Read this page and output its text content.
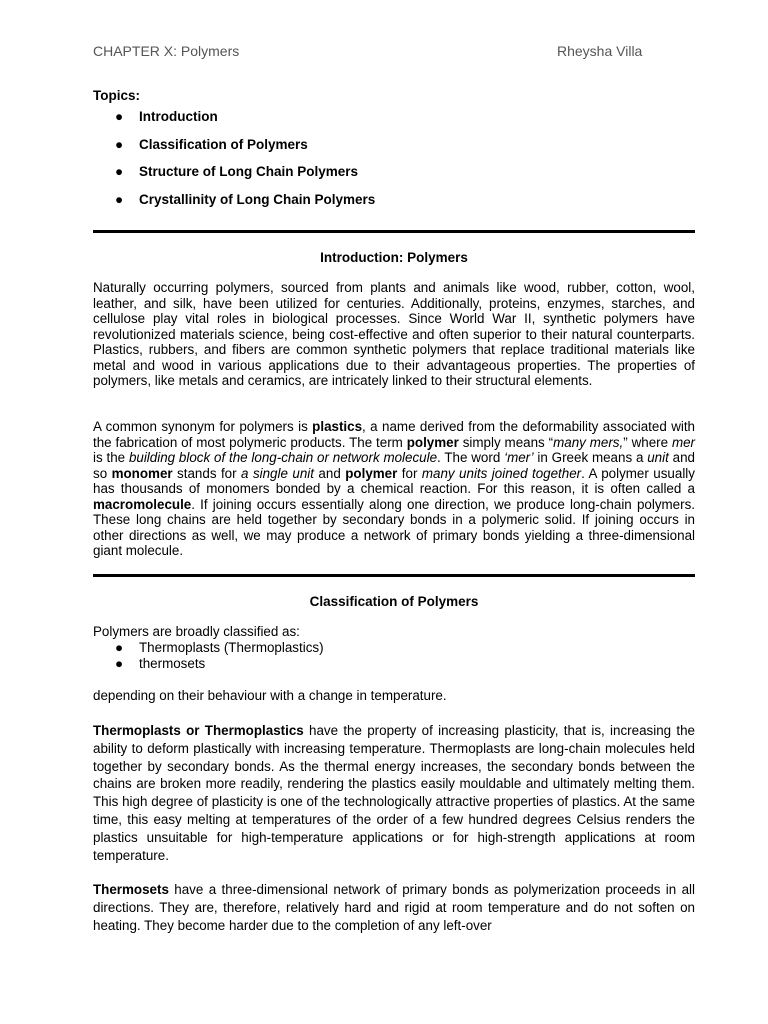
CHAPTER X: Polymers	Rheysha Villa
Topics:
● Introduction
● Classification of Polymers
● Structure of Long Chain Polymers
● Crystallinity of Long Chain Polymers
Introduction: Polymers

Naturally occurring polymers, sourced from plants and animals like wood, rubber, cotton, wool, leather, and silk, have been utilized for centuries. Additionally, proteins, enzymes, starches, and cellulose play vital roles in biological processes. Since World War II, synthetic polymers have revolutionized materials science, being cost-effective and often superior to their natural counterparts. Plastics, rubbers, and fibers are common synthetic polymers that replace traditional materials like metal and wood in various applications due to their advantageous properties. The properties of polymers, like metals and ceramics, are intricately linked to their structural elements.

A common synonym for polymers is plastics, a name derived from the deformability associated with the fabrication of most polymeric products. The term polymer simply means “many mers,” where mer is the building block of the long-chain or network molecule. The word ‘mer’ in Greek means a unit and so monomer stands for a single unit and polymer for many units joined together. A polymer usually has thousands of monomers bonded by a chemical reaction. For this reason, it is often called a macromolecule. If joining occurs essentially along one direction, we produce long-chain polymers. These long chains are held together by secondary bonds in a polymeric solid. If joining occurs in other directions as well, we may produce a network of primary bonds yielding a three-dimensional giant molecule.

Classification of Polymers
Polymers are broadly classified as:
● Thermoplasts (Thermoplastics)
● thermosets
depending on their behaviour with a change in temperature.

Thermoplasts or Thermoplastics have the property of increasing plasticity, that is, increasing the ability to deform plastically with increasing temperature. Thermoplasts are long-chain molecules held together by secondary bonds. As the thermal energy increases, the secondary bonds between the chains are broken more readily, rendering the plastics easily mouldable and ultimately melting them. This high degree of plasticity is one of the technologically attractive properties of plastics. At the same time, this easy melting at temperatures of the order of a few hundred degrees Celsius renders the plastics unsuitable for high-temperature applications or for high-strength applications at room temperature.

Thermosets have a three-dimensional network of primary bonds as polymerization proceeds in all directions. They are, therefore, relatively hard and rigid at room temperature and do not soften on heating. They become harder due to the completion of any left-over
